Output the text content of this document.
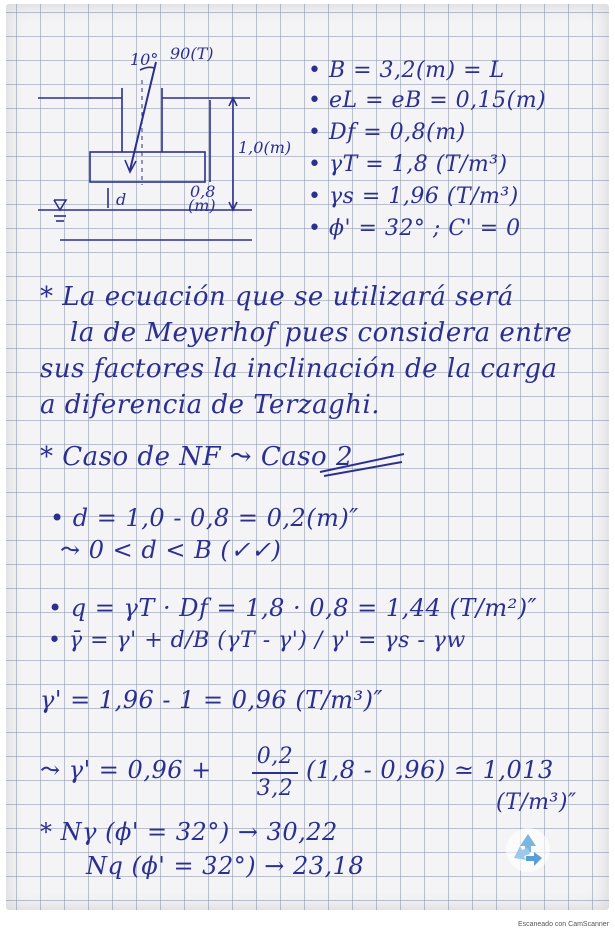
10° 90(T)
1,0(m)
d	0,8
(m)
• B = 3,2(m) = L
• eL = eB = 0,15(m)
• Df = 0,8(m)
• γT = 1,8 (T/m³)
• γs = 1,96 (T/m³)
• ϕ' = 32° ; C' = 0
* La ecuación que se utilizará será
la de Meyerhof pues considera entre
sus factores la inclinación de la carga
a diferencia de Terzaghi.
* Caso de NF ⤳ Caso 2
• d = 1,0 - 0,8 = 0,2(m)″
⤳ 0 < d < B (✓✓)
• q = γT · Df = 1,8 · 0,8 = 1,44 (T/m²)″
• γ̄ = γ' + d/B (γT - γ') / γ' = γs - γw
γ' = 1,96 - 1 = 0,96 (T/m³)″
⤳ γ' = 0,96 + 0,2
3,2
(1,8 - 0,96) ≃ 1,013
(T/m³)″
* Nγ (ϕ' = 32°) → 30,22
Nq (ϕ' = 32°) → 23,18
Escaneado con CamScanner
